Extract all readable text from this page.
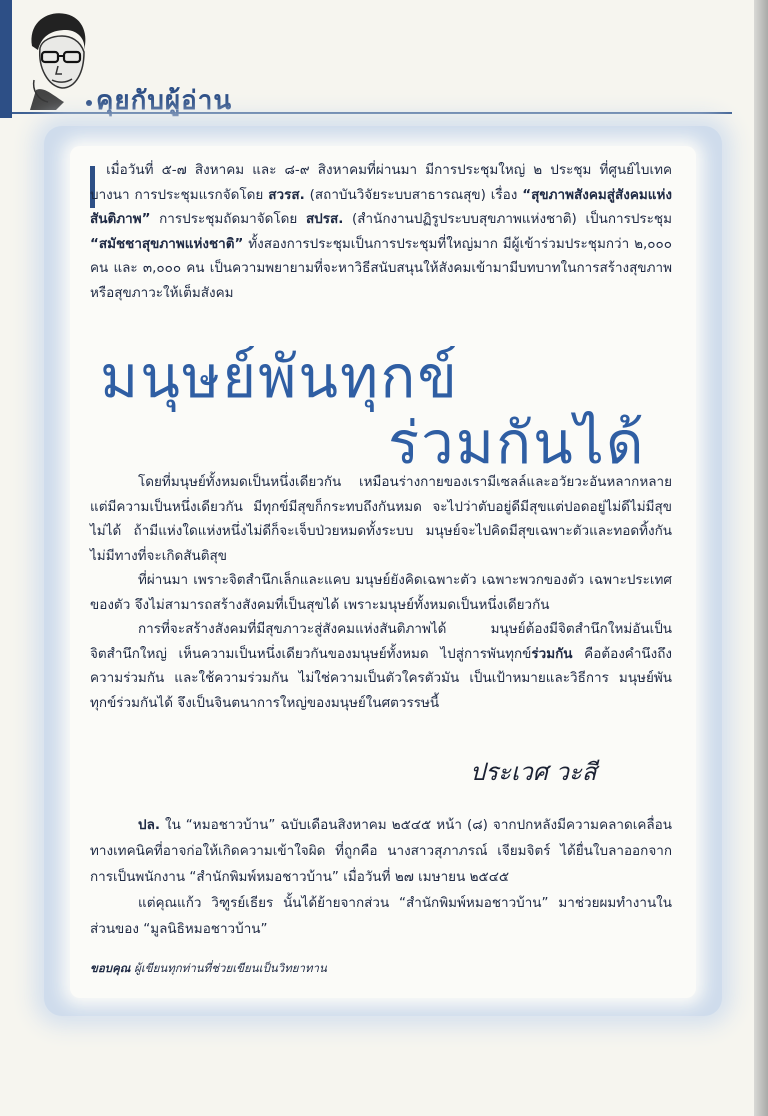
คุยกับผู้อ่าน
เมื่อวันที่ ๕-๗ สิงหาคม และ ๘-๙ สิงหาคมที่ผ่านมา มีการประชุมใหญ่ ๒ ประชุม ที่ศูนย์ไบเทค บางนา การประชุมแรกจัดโดย สวรส. (สถาบันวิจัยระบบสาธารณสุข) เรื่อง “สุขภาพสังคมสู่สังคมแห่งสันติภาพ” การประชุมถัดมาจัดโดย สปรส. (สำนักงานปฏิรูประบบสุขภาพแห่งชาติ) เป็นการประชุม “สมัชชาสุขภาพแห่งชาติ” ทั้งสองการประชุมเป็นการประชุมที่ใหญ่มาก มีผู้เข้าร่วมประชุมกว่า ๒,๐๐๐ คน และ ๓,๐๐๐ คน เป็นความพยายามที่จะหาวิธีสนับสนุนให้สังคมเข้ามามีบทบาทในการสร้างสุขภาพหรือสุขภาวะให้เต็มสังคม
มนุษย์พันทุกข์
ร่วมกันได้

โดยที่มนุษย์ทั้งหมดเป็นหนึ่งเดียวกัน เหมือนร่างกายของเรามีเซลล์และอวัยวะอันหลากหลาย แต่มีความเป็นหนึ่งเดียวกัน มีทุกข์มีสุขก็กระทบถึงกันหมด จะไปว่าตับอยู่ดีมีสุขแต่ปอดอยู่ไม่ดีไม่มีสุข ไม่ได้ ถ้ามีแห่งใดแห่งหนึ่งไม่ดีก็จะเจ็บป่วยหมดทั้งระบบ มนุษย์จะไปคิดมีสุขเฉพาะตัวและทอดทิ้งกัน ไม่มีทางที่จะเกิดสันติสุข

ที่ผ่านมา เพราะจิตสำนึกเล็กและแคบ มนุษย์ยังคิดเฉพาะตัว เฉพาะพวกของตัว เฉพาะประเทศของตัว จึงไม่สามารถสร้างสังคมที่เป็นสุขได้ เพราะมนุษย์ทั้งหมดเป็นหนึ่งเดียวกัน

การที่จะสร้างสังคมที่มีสุขภาวะสู่สังคมแห่งสันติภาพได้ มนุษย์ต้องมีจิตสำนึกใหม่อันเป็นจิตสำนึกใหญ่ เห็นความเป็นหนึ่งเดียวกันของมนุษย์ทั้งหมด ไปสู่การพันทุกข์ร่วมกัน คือต้องคำนึงถึงความร่วมกัน และใช้ความร่วมกัน ไม่ใช่ความเป็นตัวใครตัวมัน เป็นเป้าหมายและวิธีการ มนุษย์พันทุกข์ร่วมกันได้ จึงเป็นจินตนาการใหญ่ของมนุษย์ในศตวรรษนี้

ประเวศ วะสี

ปล. ใน “หมอชาวบ้าน” ฉบับเดือนสิงหาคม ๒๕๔๕ หน้า (๘) จากปกหลังมีความคลาดเคลื่อนทางเทคนิคที่อาจก่อให้เกิดความเข้าใจผิด ที่ถูกคือ นางสาวสุภาภรณ์ เจียมจิตร์ ได้ยื่นใบลาออกจากการเป็นพนักงาน “สำนักพิมพ์หมอชาวบ้าน” เมื่อวันที่ ๒๗ เมษายน ๒๕๔๕

แต่คุณแก้ว วิฑูรย์เธียร นั้นได้ย้ายจากส่วน “สำนักพิมพ์หมอชาวบ้าน” มาช่วยผมทำงานในส่วนของ “มูลนิธิหมอชาวบ้าน”

ขอบคุณ ผู้เขียนทุกท่านที่ช่วยเขียนเป็นวิทยาทาน
